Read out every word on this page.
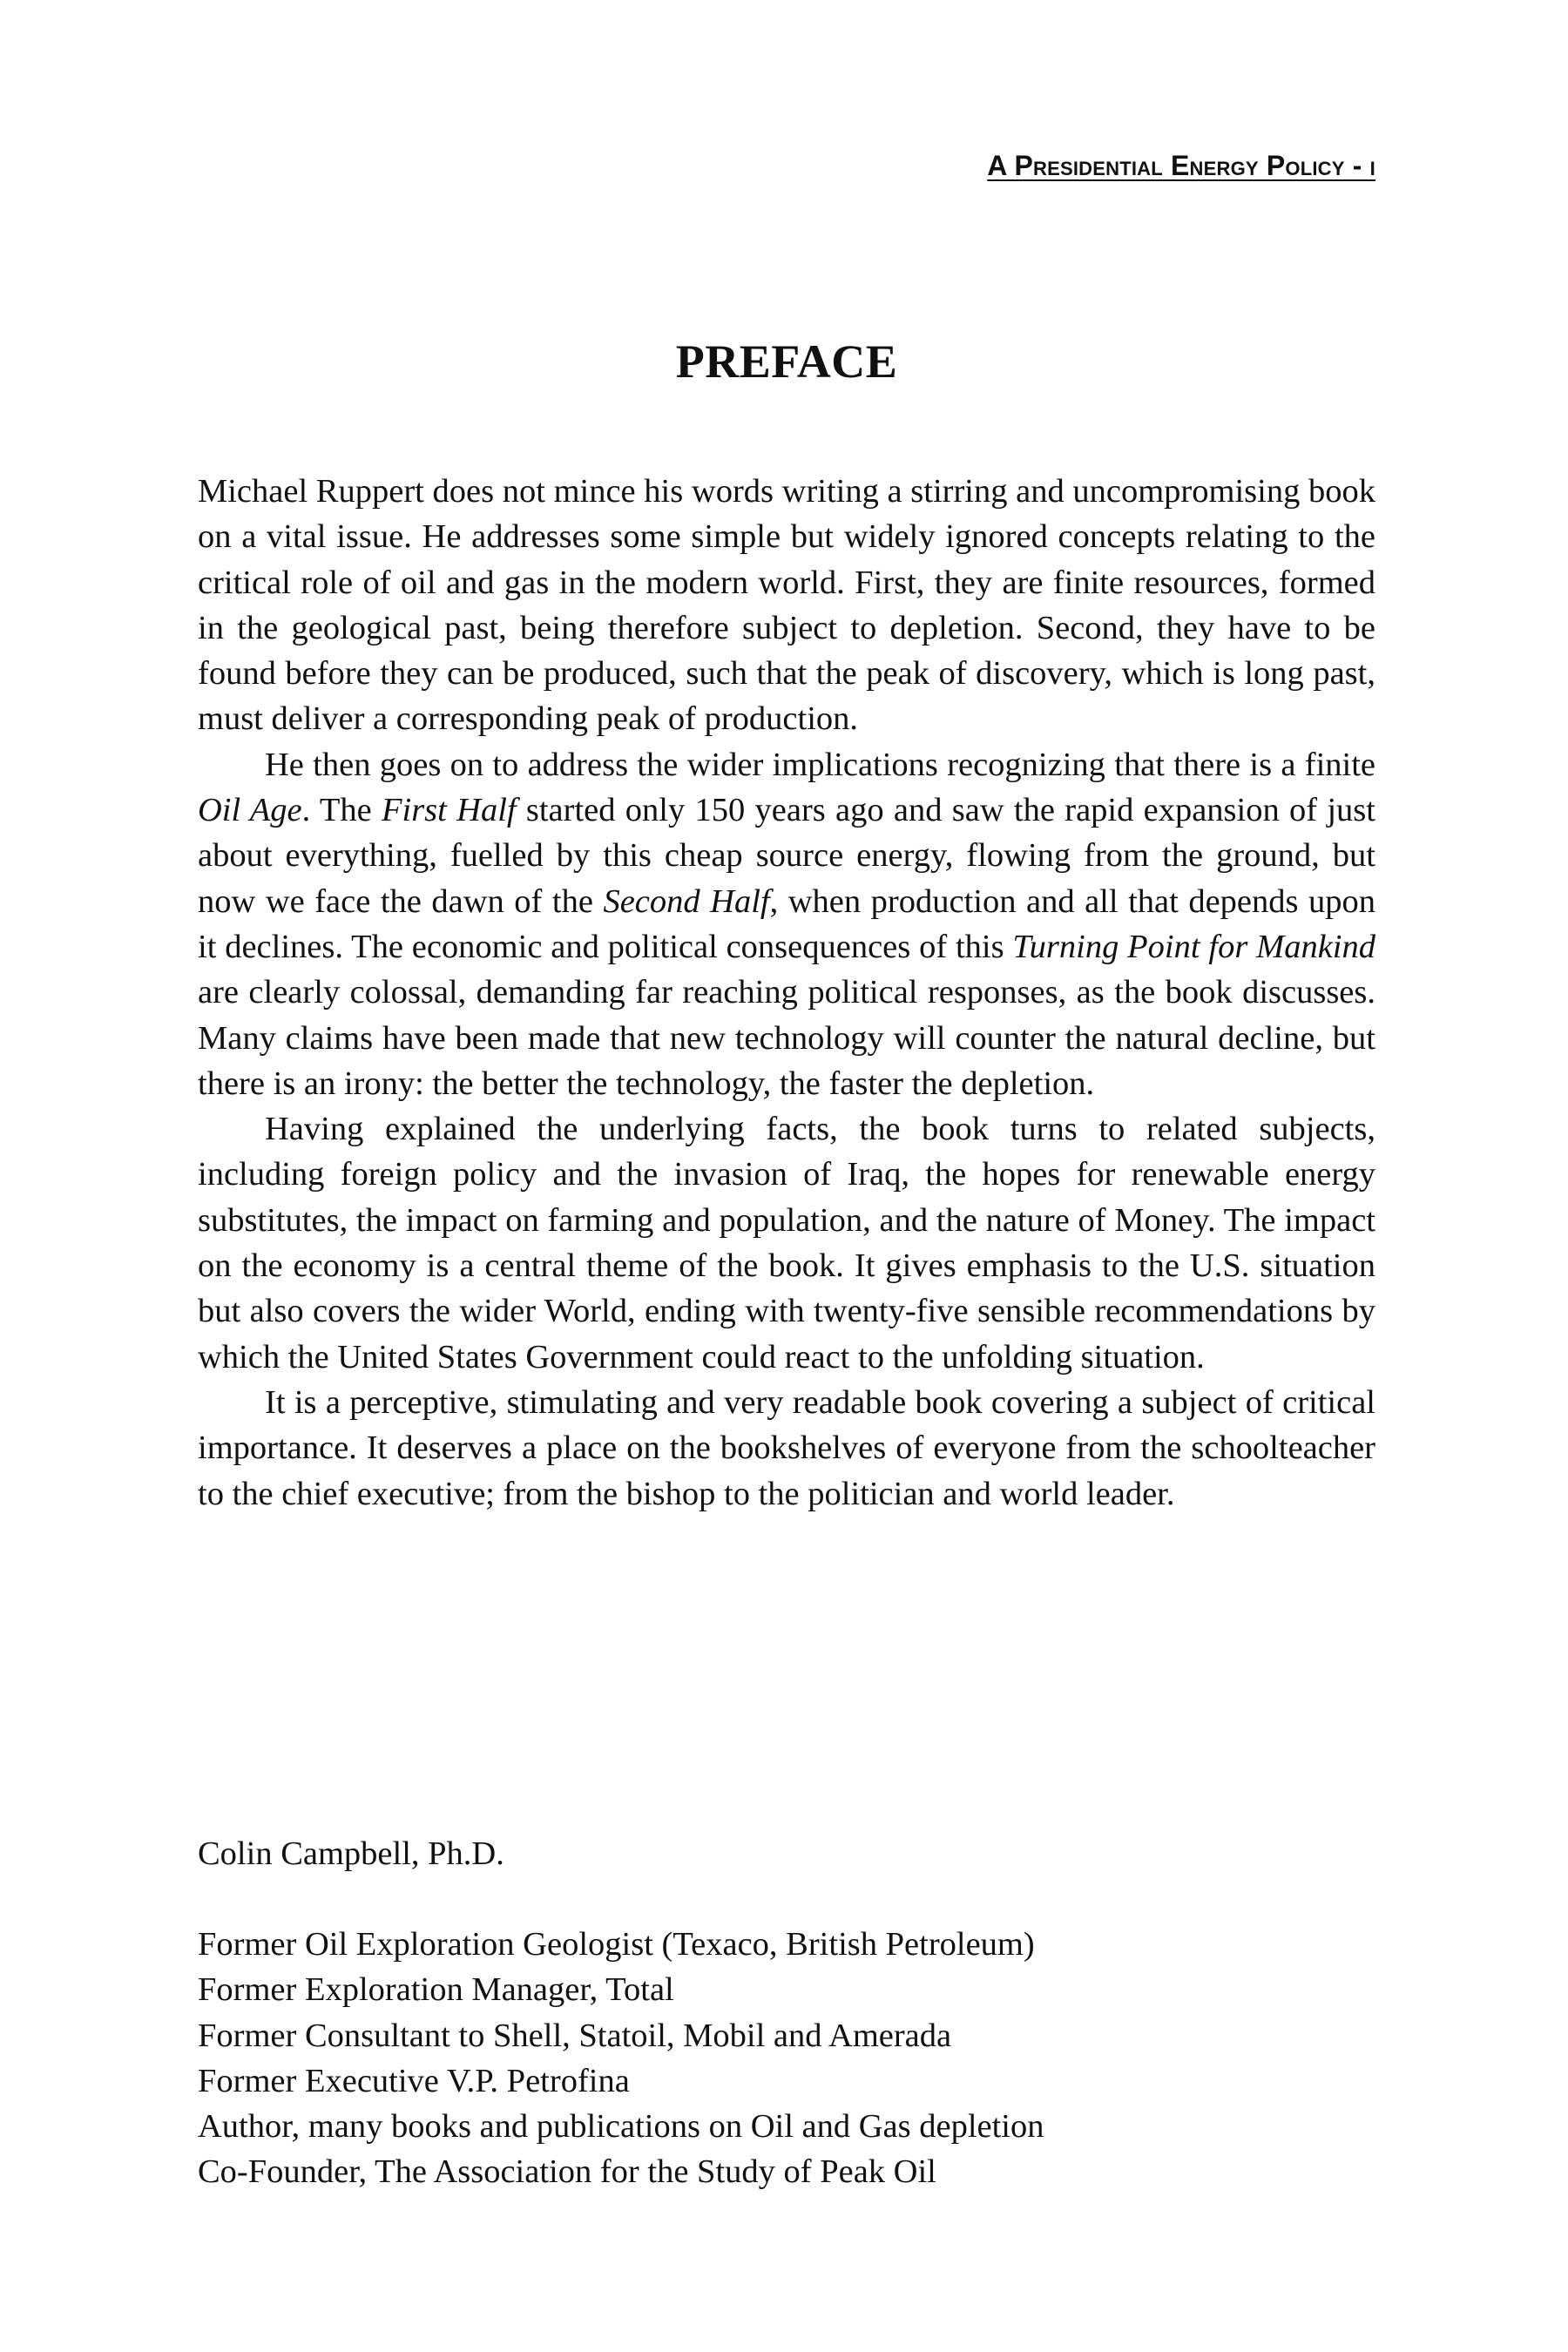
A Presidential Energy Policy - i
PREFACE

Michael Ruppert does not mince his words writing a stirring and uncompromising book on a vital issue. He addresses some simple but widely ignored concepts relating to the critical role of oil and gas in the modern world. First, they are finite resources, formed in the geological past, being therefore subject to depletion. Second, they have to be found before they can be produced, such that the peak of discovery, which is long past, must deliver a corresponding peak of production.

He then goes on to address the wider implications recognizing that there is a finite Oil Age. The First Half started only 150 years ago and saw the rapid expansion of just about everything, fuelled by this cheap source energy, flowing from the ground, but now we face the dawn of the Second Half, when production and all that depends upon it declines. The economic and political consequences of this Turning Point for Mankind are clearly colossal, demanding far reaching political responses, as the book discusses. Many claims have been made that new technology will counter the natural decline, but there is an irony: the better the technology, the faster the depletion.

Having explained the underlying facts, the book turns to related subjects, including foreign policy and the invasion of Iraq, the hopes for renewable energy substitutes, the impact on farming and population, and the nature of Money. The impact on the economy is a central theme of the book. It gives emphasis to the U.S. situation but also covers the wider World, ending with twenty-five sensible recommendations by which the United States Government could react to the unfolding situation.

It is a perceptive, stimulating and very readable book covering a subject of critical importance. It deserves a place on the bookshelves of everyone from the schoolteacher to the chief executive; from the bishop to the politician and world leader.

Colin Campbell, Ph.D.
Former Oil Exploration Geologist (Texaco, British Petroleum)
Former Exploration Manager, Total
Former Consultant to Shell, Statoil, Mobil and Amerada
Former Executive V.P. Petrofina
Author, many books and publications on Oil and Gas depletion
Co-Founder, The Association for the Study of Peak Oil
